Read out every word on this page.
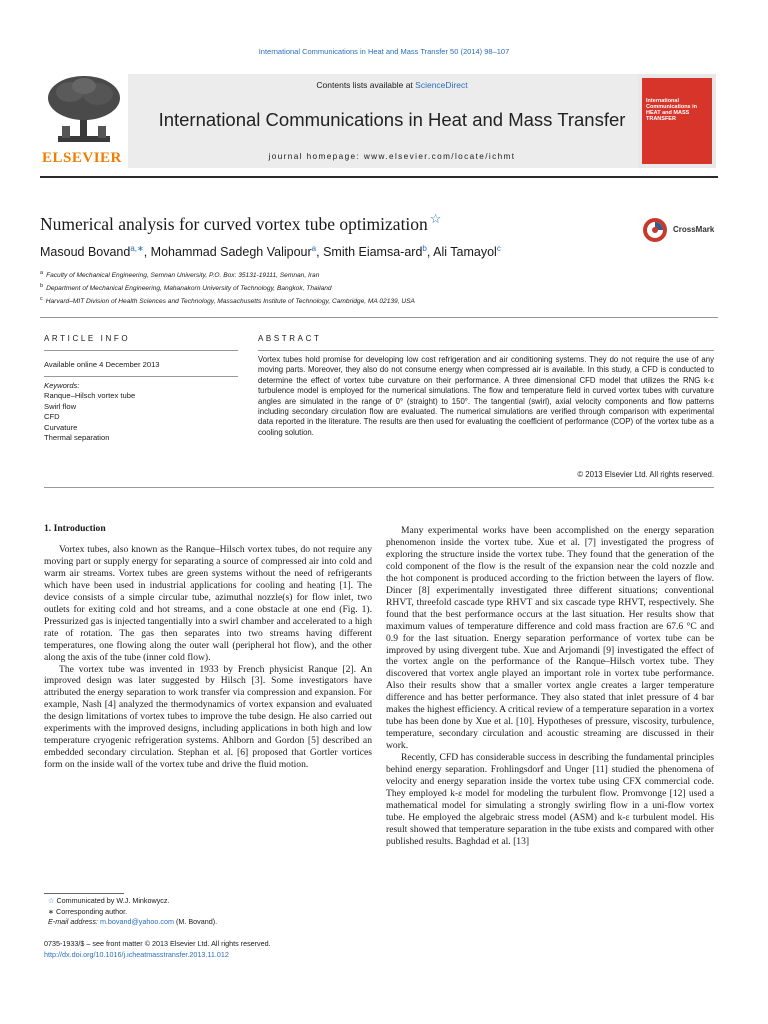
International Communications in Heat and Mass Transfer 50 (2014) 98–107
ELSEVIER
Contents lists available at ScienceDirect
International Communications in Heat and Mass Transfer
journal homepage: www.elsevier.com/locate/ichmt
International Communications in HEAT and MASS TRANSFER
Numerical analysis for curved vortex tube optimization ☆
CrossMark
Masoud Bovand$^{a,∗}$, Mohammad Sadegh Valipour$^a$, Smith Eiamsa-ard$^b$, Ali Tamayol$^c$
$^a$ Faculty of Mechanical Engineering, Semnan University, P.O. Box: 35131-19111, Semnan, Iran
$^b$ Department of Mechanical Engineering, Mahanakorn University of Technology, Bangkok, Thailand
$^c$ Harvard–MIT Division of Health Sciences and Technology, Massachusetts Institute of Technology, Cambridge, MA 02139, USA
ARTICLE INFO	ABSTRACT
Available online 4 December 2013
Keywords:
Ranque–Hilsch vortex tube
Swirl flow
CFD
Curvature
Thermal separation
Vortex tubes hold promise for developing low cost refrigeration and air conditioning systems. They do not require the use of any moving parts. Moreover, they also do not consume energy when compressed air is available. In this study, a CFD is conducted to determine the effect of vortex tube curvature on their performance. A three dimensional CFD model that utilizes the RNG k-ε turbulence model is employed for the numerical simulations. The flow and temperature field in curved vortex tubes with curvature angles are simulated in the range of 0° (straight) to 150°. The tangential (swirl), axial velocity components and flow patterns including secondary circulation flow are evaluated. The numerical simulations are verified through comparison with experimental data reported in the literature. The results are then used for evaluating the coefficient of performance (COP) of the vortex tube as a cooling solution.
© 2013 Elsevier Ltd. All rights reserved.
1. Introduction

Vortex tubes, also known as the Ranque–Hilsch vortex tubes, do not require any moving part or supply energy for separating a source of compressed air into cold and warm air streams. Vortex tubes are green systems without the need of refrigerants which have been used in industrial applications for cooling and heating [1]. The device consists of a simple circular tube, azimuthal nozzle(s) for flow inlet, two outlets for exiting cold and hot streams, and a cone obstacle at one end (Fig. 1). Pressurized gas is injected tangentially into a swirl chamber and accelerated to a high rate of rotation. The gas then separates into two streams having different temperatures, one flowing along the outer wall (peripheral hot flow), and the other along the axis of the tube (inner cold flow).

The vortex tube was invented in 1933 by French physicist Ranque [2]. An improved design was later suggested by Hilsch [3]. Some investigators have attributed the energy separation to work transfer via compression and expansion. For example, Nash [4] analyzed the thermodynamics of vortex expansion and evaluated the design limitations of vortex tubes to improve the tube design. He also carried out experiments with the improved designs, including applications in both high and low temperature cryogenic refrigeration systems. Ahlborn and Gordon [5] described an embedded secondary circulation. Stephan et al. [6] proposed that Gortler vortices form on the inside wall of the vortex tube and drive the fluid motion.

Many experimental works have been accomplished on the energy separation phenomenon inside the vortex tube. Xue et al. [7] investigated the progress of exploring the structure inside the vortex tube. They found that the generation of the cold component of the flow is the result of the expansion near the cold nozzle and the hot component is produced according to the friction between the layers of flow. Dincer [8] experimentally investigated three different situations; conventional RHVT, threefold cascade type RHVT and six cascade type RHVT, respectively. She found that the best performance occurs at the last situation. Her results show that maximum values of temperature difference and cold mass fraction are 67.6 °C and 0.9 for the last situation. Energy separation performance of vortex tube can be improved by using divergent tube. Xue and Arjomandi [9] investigated the effect of the vortex angle on the performance of the Ranque–Hilsch vortex tube. They discovered that vortex angle played an important role in vortex tube performance. Also their results show that a smaller vortex angle creates a larger temperature difference and has better performance. They also stated that inlet pressure of 4 bar makes the highest efficiency. A critical review of a temperature separation in a vortex tube has been done by Xue et al. [10]. Hypotheses of pressure, viscosity, turbulence, temperature, secondary circulation and acoustic streaming are discussed in their work.

Recently, CFD has considerable success in describing the fundamental principles behind energy separation. Frohlingsdorf and Unger [11] studied the phenomena of velocity and energy separation inside the vortex tube using CFX commercial code. They employed k-ε model for modeling the turbulent flow. Promvonge [12] used a mathematical model for simulating a strongly swirling flow in a uni-flow vortex tube. He employed the algebraic stress model (ASM) and k-ε turbulent model. His result showed that temperature separation in the tube exists and compared with other published results. Baghdad et al. [13]

☆ Communicated by W.J. Minkowycz.
∗ Corresponding author.
E-mail address: m.bovand@yahoo.com (M. Bovand).
0735-1933/$ – see front matter © 2013 Elsevier Ltd. All rights reserved.
http://dx.doi.org/10.1016/j.icheatmasstransfer.2013.11.012
